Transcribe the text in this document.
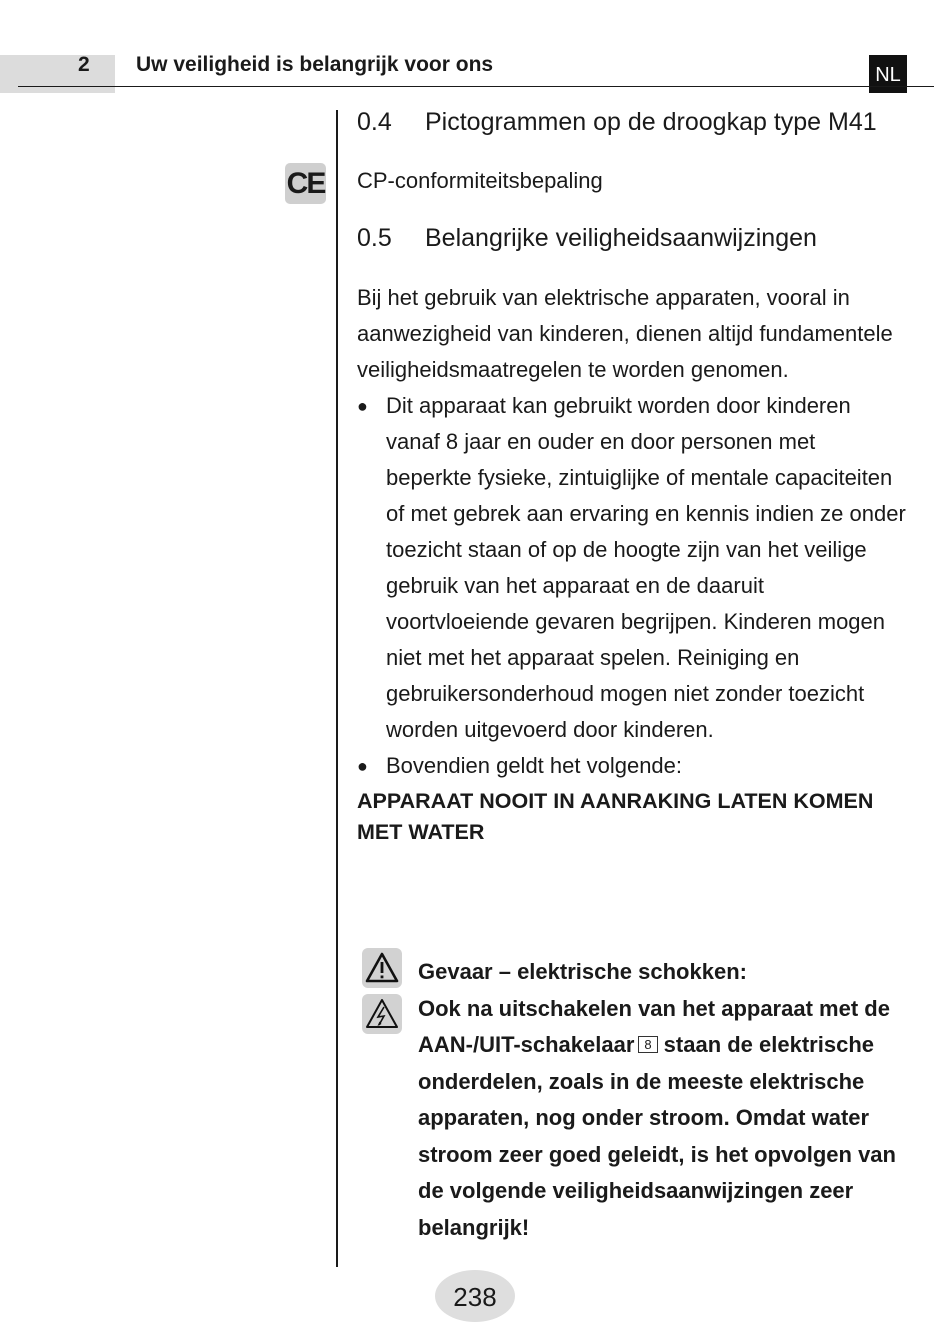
2 Uw veiligheid is belangrijk voor ons	NL
CE
0.4	Pictogrammen op de droogkap type M41
CP-conformiteitsbepaling
0.5	Belangrijke veiligheidsaanwijzingen

Bij het gebruik van elektrische apparaten, vooral in aanwezigheid van kinderen, dienen altijd fundamentele veiligheidsmaatregelen te worden genomen.

● Dit apparaat kan gebruikt worden door kinderen vanaf 8 jaar en ouder en door personen met beperkte fysieke, zintuiglijke of mentale capaciteiten of met gebrek aan ervaring en kennis indien ze onder toezicht staan of op de hoogte zijn van het veilige gebruik van het apparaat en de daaruit voortvloeiende gevaren begrijpen. Kinderen mogen niet met het apparaat spelen. Reiniging en gebruikersonderhoud mogen niet zonder toezicht worden uitgevoerd door kinderen.
● Bovendien geldt het volgende:
APPARAAT NOOIT IN AANRAKING LATEN KOMEN MET WATER
Gevaar – elektrische schokken:
Ook na uitschakelen van het apparaat met de AAN-/UIT-schakelaar 8 staan de elektrische onderdelen, zoals in de meeste elektrische apparaten, nog onder stroom. Omdat water stroom zeer goed geleidt, is het opvolgen van de volgende veiligheidsaanwijzingen zeer belangrijk!
238
